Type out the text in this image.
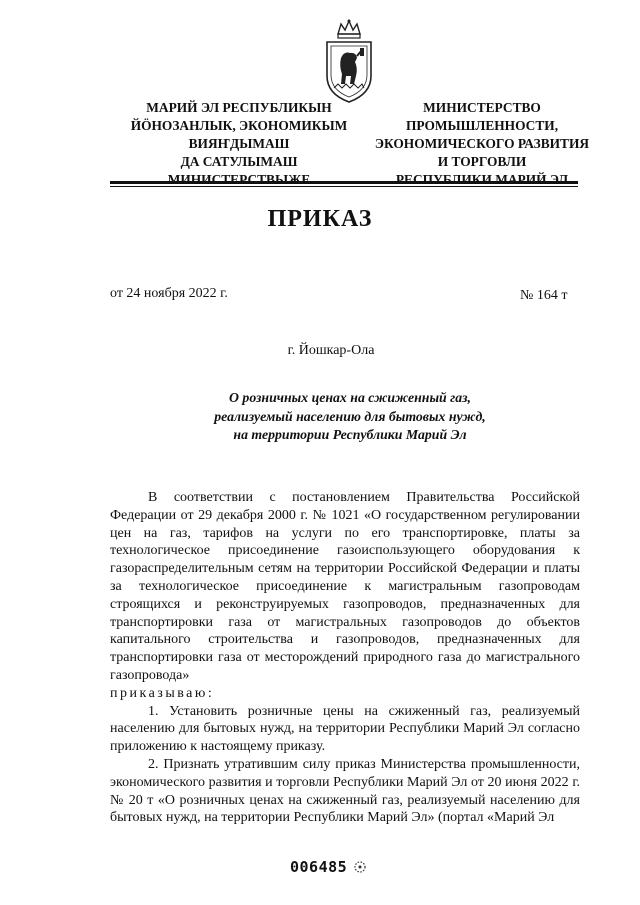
МАРИЙ ЭЛ РЕСПУБЛИКЫН

ЙÖНОЗАНЛЫК, ЭКОНОМИКЫМ

ВИЯҤДЫМАШ

ДА САТУЛЫМАШ

МИНИСТЕРСТВЫЖЕ

МИНИСТЕРСТВО

ПРОМЫШЛЕННОСТИ,

ЭКОНОМИЧЕСКОГО РАЗВИТИЯ

И ТОРГОВЛИ

РЕСПУБЛИКИ МАРИЙ ЭЛ

ПРИКАЗ
от 24 ноября 2022 г.	№ 164 т
г. Йошкар-Ола
О розничных ценах на сжиженный газ,
реализуемый населению для бытовых нужд,
на территории Республики Марий Эл

В соответствии с постановлением Правительства Российской Федерации от 29 декабря 2000 г. № 1021 «О государственном регулировании цен на газ, тарифов на услуги по его транспортировке, платы за технологическое присоединение газоиспользующего оборудования к газораспределительным сетям на территории Российской Федерации и платы за технологическое присоединение к магистральным газопроводам строящихся и реконструируемых газопроводов, предназначенных для транспортировки газа от магистральных газопроводов до объектов капитального строительства и газопроводов, предназначенных для транспортировки газа от месторождений природного газа до магистрального газопровода»

приказываю:

1. Установить розничные цены на сжиженный газ, реализуемый населению для бытовых нужд, на территории Республики Марий Эл согласно приложению к настоящему приказу.

2. Признать утратившим силу приказ Министерства промышленности, экономического развития и торговли Республики Марий Эл от 20 июня 2022 г. № 20 т «О розничных ценах на сжиженный газ, реализуемый населению для бытовых нужд, на территории Республики Марий Эл» (портал «Марий Эл

006485
